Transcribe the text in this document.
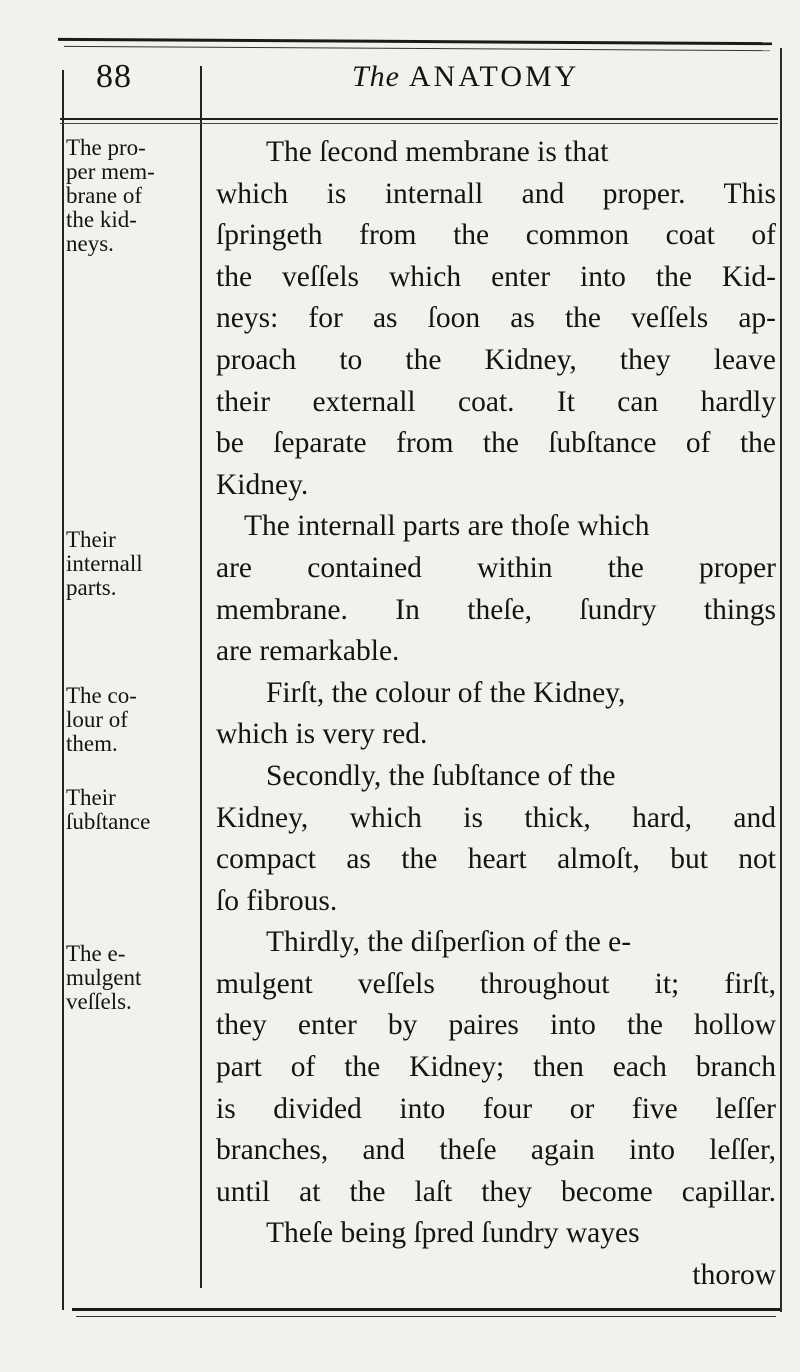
88	The ANATOMY
The pro-
per mem-
brane of
the kid-
neys.
Their
internall
parts.
The co-
lour of
them.
Their
ſubſtance
The e-
mulgent
veſſels.
The ſecond membrane is that
which is internall and proper. This
ſpringeth from the common coat of
the veſſels which enter into the Kid-
neys: for as ſoon as the veſſels ap-
proach to the Kidney, they leave
their externall coat. It can hardly
be ſeparate from the ſubſtance of the
Kidney.
The internall parts are thoſe which
are contained within the proper
membrane. In theſe, ſundry things
are remarkable.
Firſt, the colour of the Kidney,
which is very red.
Secondly, the ſubſtance of the
Kidney, which is thick, hard, and
compact as the heart almoſt, but not
ſo fibrous.
Thirdly, the diſperſion of the e-
mulgent veſſels throughout it; firſt,
they enter by paires into the hollow
part of the Kidney; then each branch
is divided into four or five leſſer
branches, and theſe again into leſſer,
until at the laſt they become capillar.
Theſe being ſpred ſundry wayes
thorow
